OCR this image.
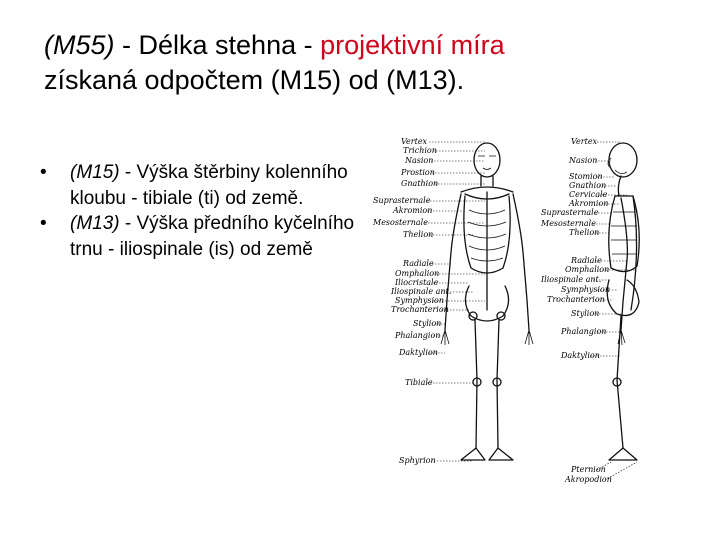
(M55) - Délka stehna - projektivní míra
získaná odpočtem (M15) od (M13).
• (M15) - Výška štěrbiny kolenního kloubu - tibiale (ti) od země.
• (M13) - Výška předního kyčelního trnu - iliospinale (is) od země
Vertex
Trichion
Nasion
Prostion
Gnathion
Suprasternale
Akromion
Mesosternale
Thelion
Radiale
Omphalion
Iliocristale
Iliospinale ant.
Symphysion
Trochanterion
Stylion
Phalangion
Daktylion
Tibiale
Sphyrion
Vertex
Nasion
Stomion
Gnathion
Cervicale
Akromion
Suprasternale
Mesosternale
Thelion
Radiale
Omphalion
Iliospinale ant.
Symphysion
Trochanterion
Stylion
Phalangion
Daktylion
Pternion
Akropodion
